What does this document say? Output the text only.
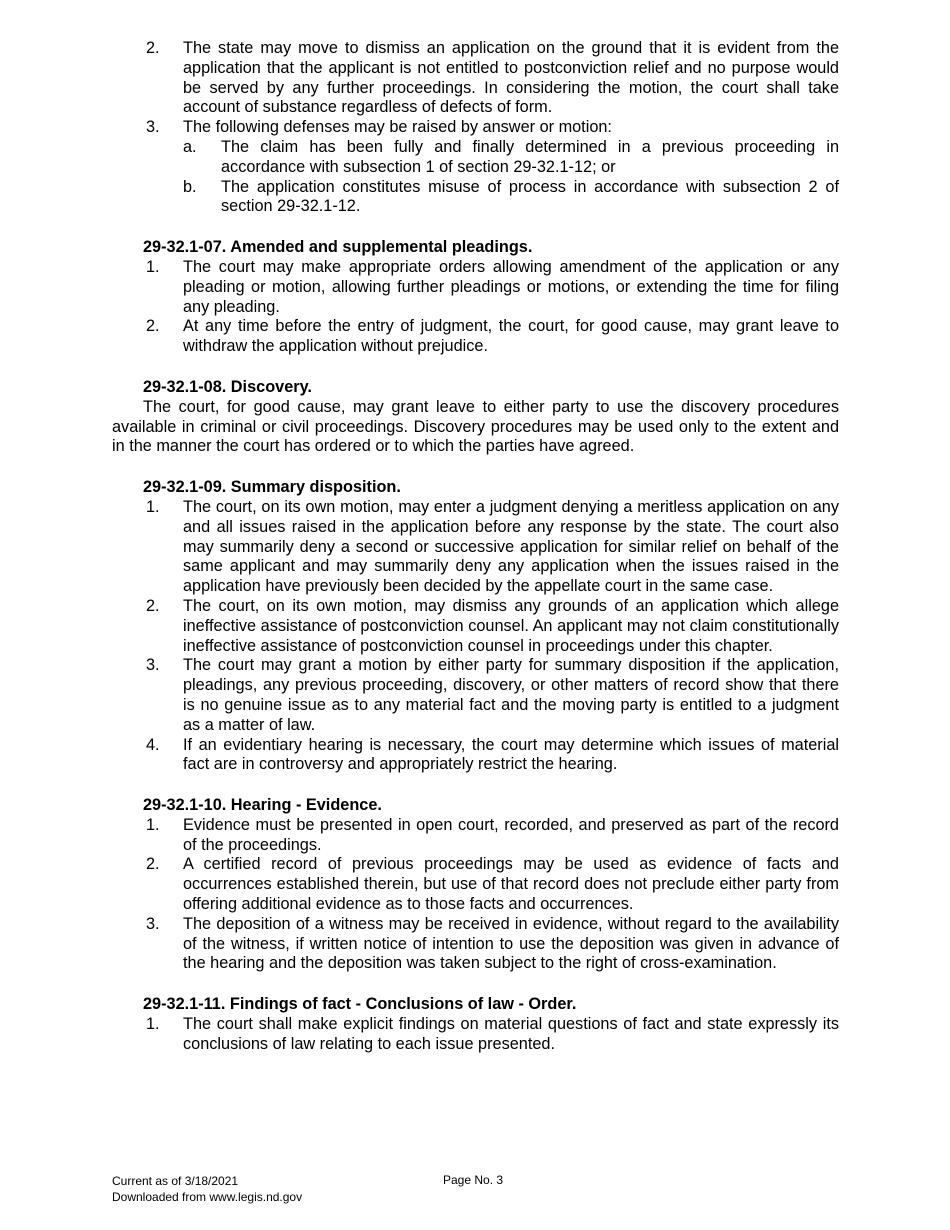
2. The state may move to dismiss an application on the ground that it is evident from the application that the applicant is not entitled to postconviction relief and no purpose would be served by any further proceedings. In considering the motion, the court shall take account of substance regardless of defects of form.
3. The following defenses may be raised by answer or motion:
a. The claim has been fully and finally determined in a previous proceeding in accordance with subsection 1 of section 29-32.1-12; or
b. The application constitutes misuse of process in accordance with subsection 2 of section 29-32.1-12.
29-32.1-07. Amended and supplemental pleadings.
1. The court may make appropriate orders allowing amendment of the application or any pleading or motion, allowing further pleadings or motions, or extending the time for filing any pleading.
2. At any time before the entry of judgment, the court, for good cause, may grant leave to withdraw the application without prejudice.
29-32.1-08. Discovery.
The court, for good cause, may grant leave to either party to use the discovery procedures available in criminal or civil proceedings. Discovery procedures may be used only to the extent and in the manner the court has ordered or to which the parties have agreed.
29-32.1-09. Summary disposition.
1. The court, on its own motion, may enter a judgment denying a meritless application on any and all issues raised in the application before any response by the state. The court also may summarily deny a second or successive application for similar relief on behalf of the same applicant and may summarily deny any application when the issues raised in the application have previously been decided by the appellate court in the same case.
2. The court, on its own motion, may dismiss any grounds of an application which allege ineffective assistance of postconviction counsel. An applicant may not claim constitutionally ineffective assistance of postconviction counsel in proceedings under this chapter.
3. The court may grant a motion by either party for summary disposition if the application, pleadings, any previous proceeding, discovery, or other matters of record show that there is no genuine issue as to any material fact and the moving party is entitled to a judgment as a matter of law.
4. If an evidentiary hearing is necessary, the court may determine which issues of material fact are in controversy and appropriately restrict the hearing.
29-32.1-10. Hearing - Evidence.
1. Evidence must be presented in open court, recorded, and preserved as part of the record of the proceedings.
2. A certified record of previous proceedings may be used as evidence of facts and occurrences established therein, but use of that record does not preclude either party from offering additional evidence as to those facts and occurrences.
3. The deposition of a witness may be received in evidence, without regard to the availability of the witness, if written notice of intention to use the deposition was given in advance of the hearing and the deposition was taken subject to the right of cross-examination.
29-32.1-11. Findings of fact - Conclusions of law - Order.
1. The court shall make explicit findings on material questions of fact and state expressly its conclusions of law relating to each issue presented.
Current as of 3/18/2021
Downloaded from www.legis.nd.gov
Page No. 3
